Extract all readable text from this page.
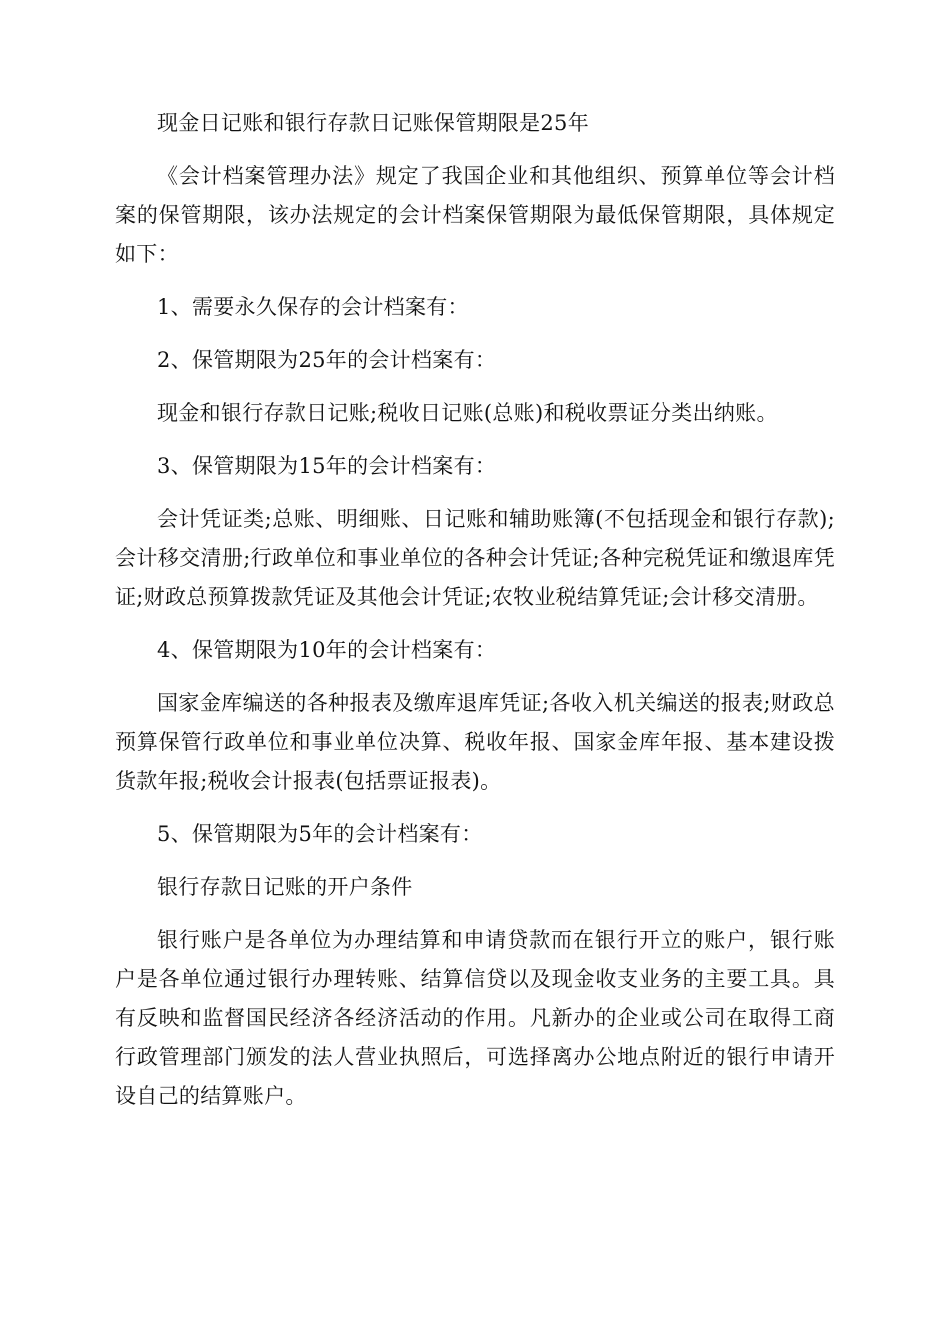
现金日记账和银行存款日记账保管期限是25年

《会计档案管理办法》规定了我国企业和其他组织、预算单位等会计档案的保管期限，该办法规定的会计档案保管期限为最低保管期限，具体规定如下：

1、需要永久保存的会计档案有：

2、保管期限为25年的会计档案有：

现金和银行存款日记账;税收日记账(总账)和税收票证分类出纳账。

3、保管期限为15年的会计档案有：

会计凭证类;总账、明细账、日记账和辅助账簿(不包括现金和银行存款);会计移交清册;行政单位和事业单位的各种会计凭证;各种完税凭证和缴退库凭证;财政总预算拨款凭证及其他会计凭证;农牧业税结算凭证;会计移交清册。

4、保管期限为10年的会计档案有：

国家金库编送的各种报表及缴库退库凭证;各收入机关编送的报表;财政总预算保管行政单位和事业单位决算、税收年报、国家金库年报、基本建设拨货款年报;税收会计报表(包括票证报表)。

5、保管期限为5年的会计档案有：

银行存款日记账的开户条件

银行账户是各单位为办理结算和申请贷款而在银行开立的账户，银行账户是各单位通过银行办理转账、结算信贷以及现金收支业务的主要工具。具有反映和监督国民经济各经济活动的作用。凡新办的企业或公司在取得工商行政管理部门颁发的法人营业执照后，可选择离办公地点附近的银行申请开设自己的结算账户。
